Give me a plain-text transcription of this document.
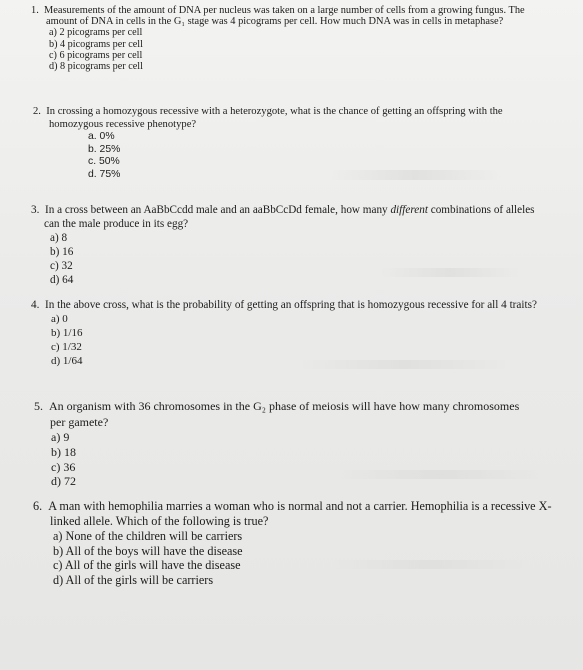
1. Measurements of the amount of DNA per nucleus was taken on a large number of cells from a growing fungus. The amount of DNA in cells in the G₁ stage was 4 picograms per cell. How much DNA was in cells in metaphase?

a) 2 picograms per cell
b) 4 picograms per cell
c) 6 picograms per cell
d) 8 picograms per cell

2. In crossing a homozygous recessive with a heterozygote, what is the chance of getting an offspring with the homozygous recessive phenotype?

a. 0%
b. 25%
c. 50%
d. 75%

3. In a cross between an AaBbCcdd male and an aaBbCcDd female, how many different combinations of alleles can the male produce in its egg?

a) 8
b) 16
c) 32
d) 64

4. In the above cross, what is the probability of getting an offspring that is homozygous recessive for all 4 traits?

a) 0
b) 1/16
c) 1/32
d) 1/64

5. An organism with 36 chromosomes in the G₂ phase of meiosis will have how many chromosomes per gamete?

a) 9
b) 18
c) 36
d) 72

6. A man with hemophilia marries a woman who is normal and not a carrier. Hemophilia is a recessive X-linked allele. Which of the following is true?

a) None of the children will be carriers
b) All of the boys will have the disease
c) All of the girls will have the disease
d) All of the girls will be carriers
